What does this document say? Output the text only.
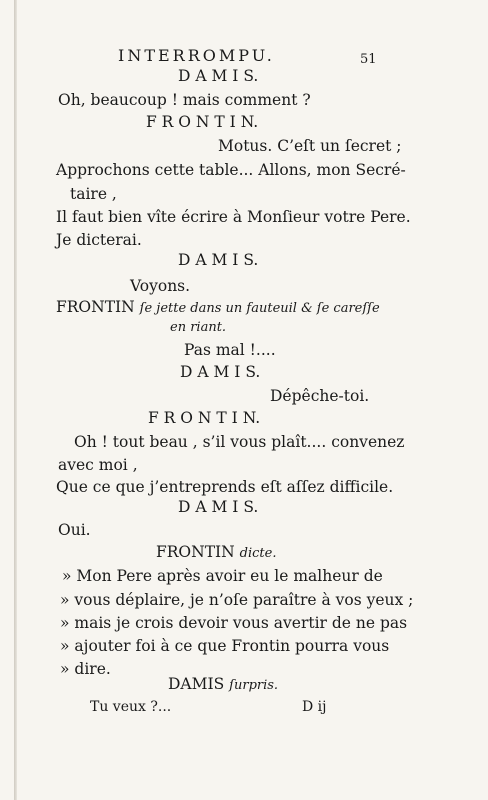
INTERROMPU.	51
D A M I S.
Oh, beaucoup ! mais comment ?
F R O N T I N.
Motus. C’eſt un ſecret ;
Approchons cette table... Allons, mon Secré-
taire ,
Il faut bien vîte écrire à Monſieur votre Pere.
Je dicterai.
D A M I S.
Voyons.
FRONTIN ſe jette dans un fauteuil & ſe careſſe
en riant.
Pas mal !....
D A M I S.
Dépêche-toi.
F R O N T I N.
Oh ! tout beau , s’il vous plaît.... convenez
avec moi ,
Que ce que j’entreprends eſt aſſez difficile.
D A M I S.
Oui.
FRONTIN dicte.
» Mon Pere après avoir eu le malheur de
» vous déplaire, je n’oſe paraître à vos yeux ;
» mais je crois devoir vous avertir de ne pas
» ajouter foi à ce que Frontin pourra vous
» dire.
DAMIS ſurpris.
Tu veux ?...	D ij
